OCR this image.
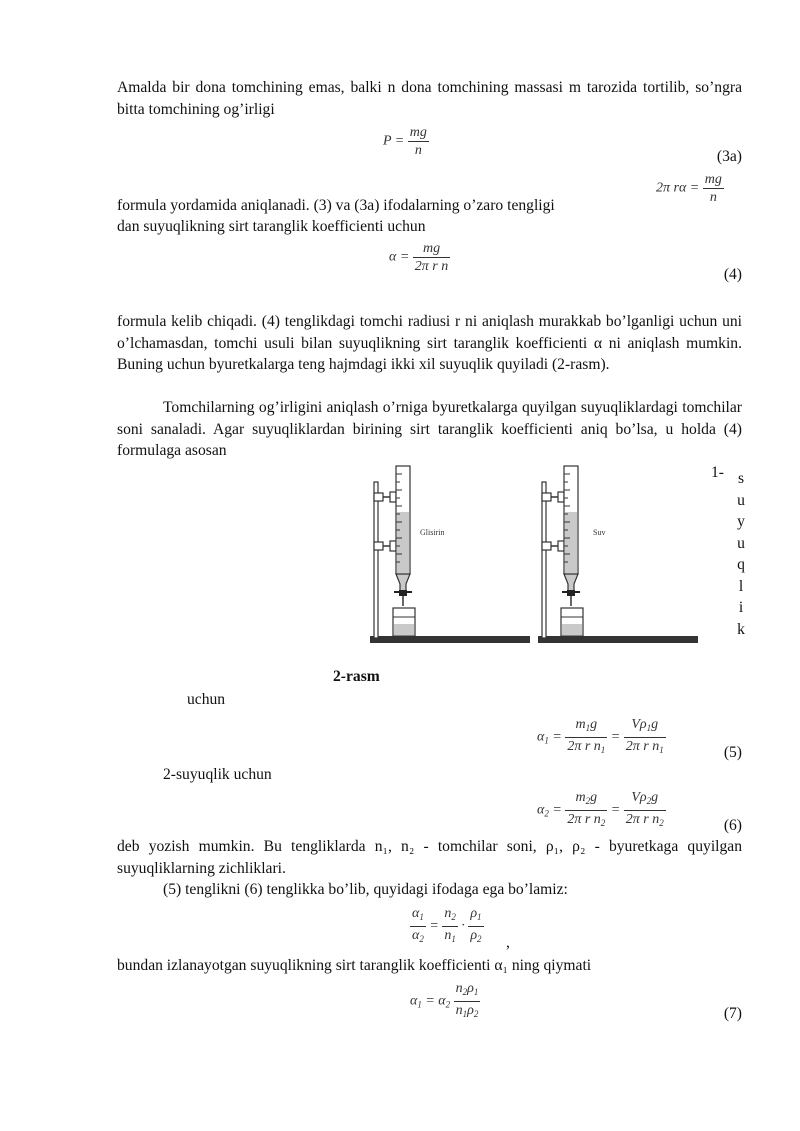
Amalda bir dona tomchining emas, balki n dona tomchining massasi m tarozida tortilib, so’ngra bitta tomchining og’irligi
$P = \frac{mg}{n}$	(3a)
2π $r\alpha = \frac{mg}{n}$
formula yordamida aniqlanadi. (3) va (3a) ifodalarning o’zaro tengligi
dan suyuqlikning sirt taranglik koefficienti uchun
$\alpha = \frac{mg}{\text{2π r n}}$	(4)
formula kelib chiqadi. (4) tenglikdagi tomchi radiusi r ni aniqlash murakkab bo’lganligi uchun uni o’lchamasdan, tomchi usuli bilan suyuqlikning sirt taranglik koefficienti α ni aniqlash mumkin. Buning uchun byuretkalarga teng hajmdagi ikki xil suyuqlik quyiladi (2-rasm).
Tomchilarning og’irligini aniqlash o’rniga byuretkalarga quyilgan suyuqliklardagi tomchilar soni sanaladi. Agar suyuqliklardan birining sirt taranglik koefficienti aniq bo’lsa, u holda (4) formulaga asosan
1- s
u
y
u
q
l
i
k
Glisirin	Suv
2-rasm
uchun
$\alpha_1 = \frac{m_1g}{2\pi r n_1} = \frac{V\rho_1g}{2\pi r n_1}$	(5)
2-suyuqlik uchun
$\alpha_2 = \frac{m_2g}{2\pi r n_2} = \frac{V\rho_2g}{2\pi r n_2}$	(6)
deb yozish mumkin. Bu tengliklarda n₁, n₂ - tomchilar soni, ρ₁, ρ₂ - byuretkaga quyilgan suyuqliklarning zichliklari.
(5) tenglikni (6) tenglikka bo’lib, quyidagi ifodaga ega bo’lamiz:
$\frac{\alpha_1}{\alpha_2} = \frac{n_2}{n_1} \cdot \frac{\rho_1}{\rho_2}$ ,
bundan izlanayotgan suyuqlikning sirt taranglik koefficienti α₁ ning qiymati
$\alpha_1 = \alpha_2 \frac{n_2\rho_1}{n_1\rho_2}$	(7)
